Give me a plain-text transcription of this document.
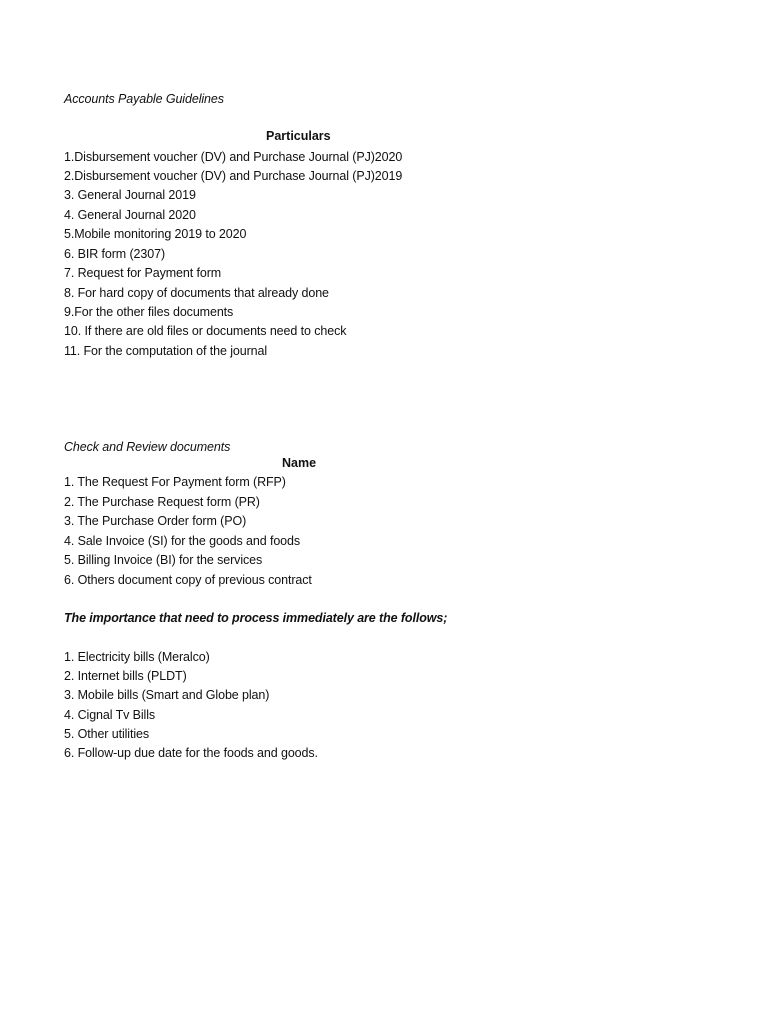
Accounts Payable Guidelines
Particulars
1.Disbursement voucher (DV) and Purchase Journal (PJ)2020
2.Disbursement voucher (DV) and Purchase Journal (PJ)2019
3. General Journal 2019
4. General Journal 2020
5.Mobile monitoring 2019 to 2020
6. BIR form (2307)
7. Request for Payment form
8. For hard copy of documents that already done
9.For the other files documents
10. If there are old files or documents need to check
11. For the computation of the journal
Check and Review documents
Name
1. The Request For Payment form (RFP)
2. The Purchase Request form (PR)
3. The Purchase Order form (PO)
4. Sale Invoice (SI) for the goods and foods
5. Billing Invoice (BI) for the services
6. Others document copy of previous contract
The importance that need to process immediately are the follows;
1. Electricity bills (Meralco)
2. Internet bills (PLDT)
3. Mobile bills (Smart and Globe plan)
4. Cignal Tv Bills
5. Other utilities
6. Follow-up due date for the foods and goods.
